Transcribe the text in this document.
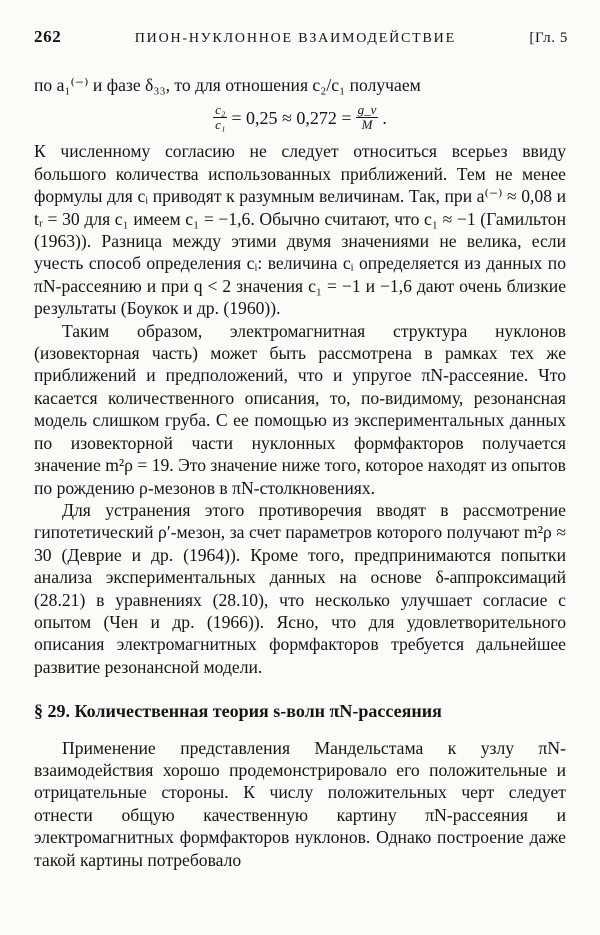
262	ПИОН-НУКЛОННОЕ ВЗАИМОДЕЙСТВИЕ	[Гл. 5

по a₁⁽⁻⁾ и фазе δ₃₃, то для отношения c₂/c₁ получаем

$\frac{\text{c₂}}{\text{c₁}} = 0,25 \approx 0,272 = \frac{g\_v}{M}$ .

К численному согласию не следует относиться всерьез ввиду большого количества использованных приближений. Тем не менее формулы для cᵢ приводят к разумным величинам. Так, при a⁽⁻⁾ ≈ 0,08 и tᵣ = 30 для c₁ имеем c₁ = −1,6. Обычно считают, что c₁ ≈ −1 (Гамильтон (1963)). Разница между этими двумя значениями не велика, если учесть способ определения cᵢ: величина cᵢ определяется из данных по πN-рассеянию и при q < 2 значения c₁ = −1 и −1,6 дают очень близкие результаты (Боукок и др. (1960)).

Таким образом, электромагнитная структура нуклонов (изовекторная часть) может быть рассмотрена в рамках тех же приближений и предположений, что и упругое πN-рассеяние. Что касается количественного описания, то, по-видимому, резонансная модель слишком груба. С ее помощью из экспериментальных данных по изовекторной части нуклонных формфакторов получается значение m²ρ = 19. Это значение ниже того, которое находят из опытов по рождению ρ-мезонов в πN-столкновениях.

Для устранения этого противоречия вводят в рассмотрение гипотетический ρ′-мезон, за счет параметров которого получают m²ρ ≈ 30 (Деврие и др. (1964)). Кроме того, предпринимаются попытки анализа экспериментальных данных на основе δ-аппроксимаций (28.21) в уравнениях (28.10), что несколько улучшает согласие с опытом (Чен и др. (1966)). Ясно, что для удовлетворительного описания электромагнитных формфакторов требуется дальнейшее развитие резонансной модели.

§ 29. Количественная теория s-волн πN-рассеяния

Применение представления Мандельстама к узлу πN-взаимодействия хорошо продемонстрировало его положительные и отрицательные стороны. К числу положительных черт следует отнести общую качественную картину πN-рассеяния и электромагнитных формфакторов нуклонов. Однако построение даже такой картины потребовало
